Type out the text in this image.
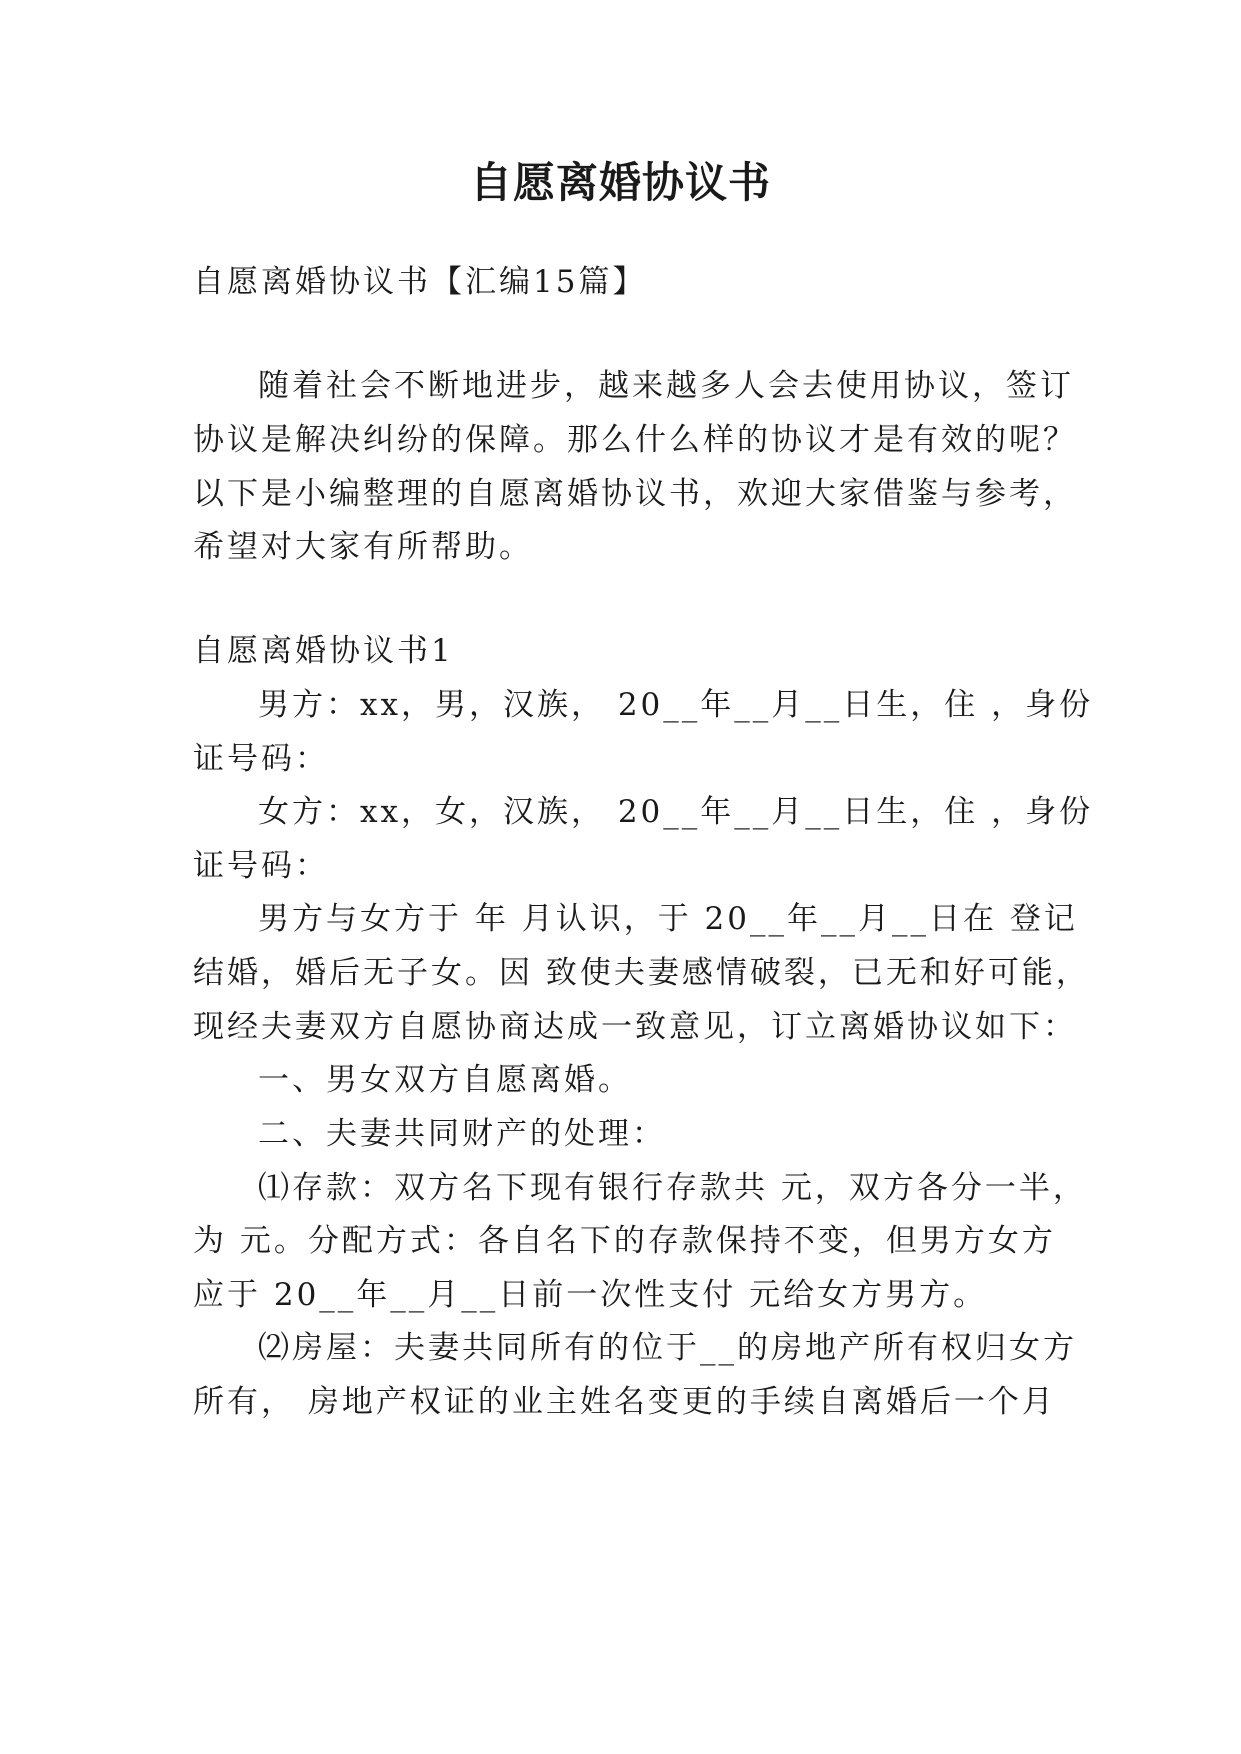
自愿离婚协议书
自愿离婚协议书【汇编15篇】
随着社会不断地进步，越来越多人会去使用协议，签订
协议是解决纠纷的保障。那么什么样的协议才是有效的呢？
以下是小编整理的自愿离婚协议书，欢迎大家借鉴与参考，
希望对大家有所帮助。
自愿离婚协议书1
男方：xx，男，汉族， 20__年__月__日生，住 ，身份
证号码：
女方：xx，女，汉族， 20__年__月__日生，住 ，身份
证号码：
男方与女方于 年 月认识，于 20__年__月__日在 登记
结婚，婚后无子女。因 致使夫妻感情破裂，已无和好可能，
现经夫妻双方自愿协商达成一致意见，订立离婚协议如下：
一、男女双方自愿离婚。
二、夫妻共同财产的处理：
⑴存款：双方名下现有银行存款共 元，双方各分一半，
为 元。分配方式：各自名下的存款保持不变，但男方女方
应于 20__年__月__日前一次性支付 元给女方男方。
⑵房屋：夫妻共同所有的位于__的房地产所有权归女方
所有， 房地产权证的业主姓名变更的手续自离婚后一个月
